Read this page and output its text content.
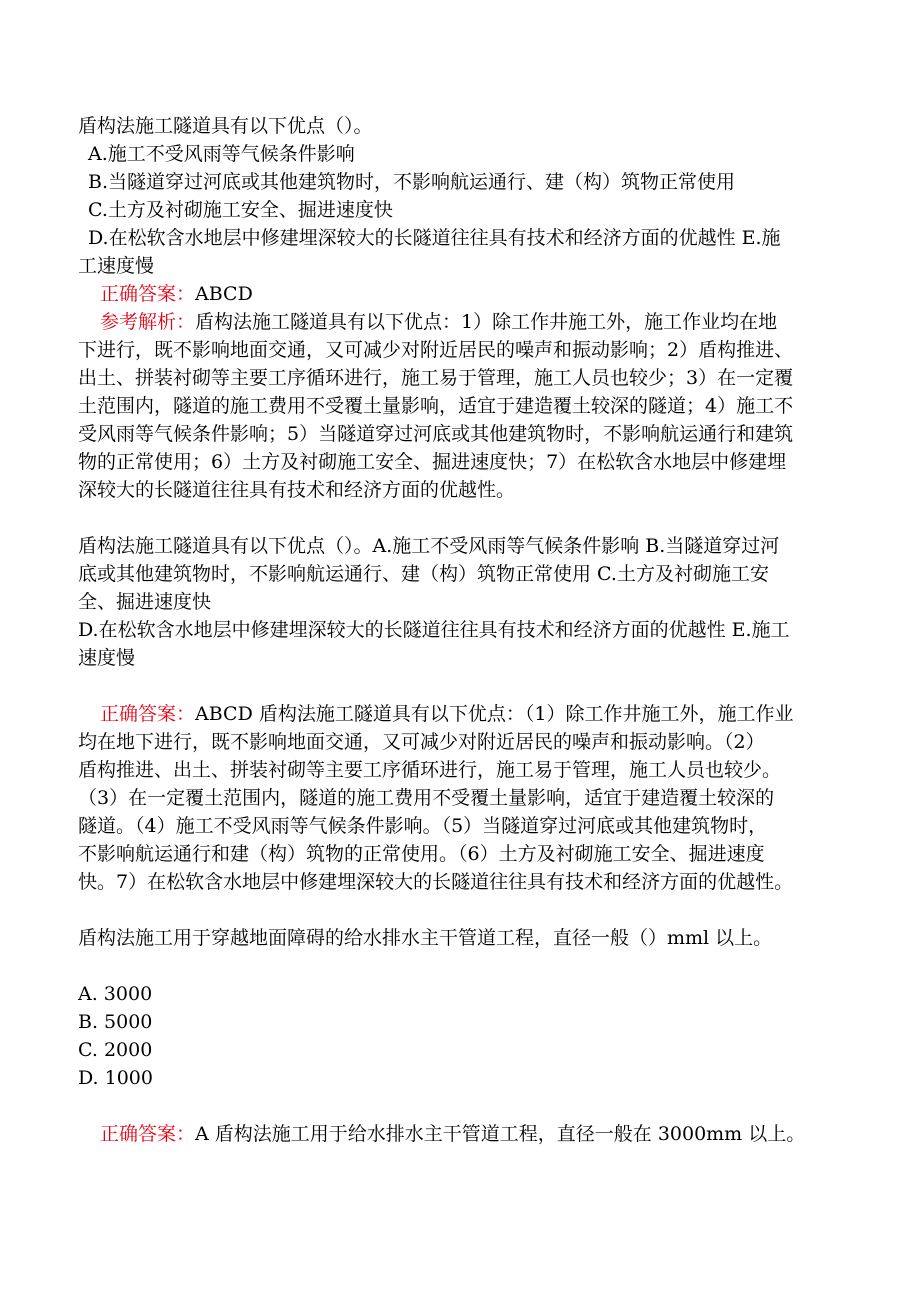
盾构法施工隧道具有以下优点（）。
A.施工不受风雨等气候条件影响
B.当隧道穿过河底或其他建筑物时，不影响航运通行、建（构）筑物正常使用
C.土方及衬砌施工安全、掘进速度快
D.在松软含水地层中修建埋深较大的长隧道往往具有技术和经济方面的优越性 E.施
工速度慢
正确答案：ABCD
参考解析：盾构法施工隧道具有以下优点：1）除工作井施工外，施工作业均在地
下进行，既不影响地面交通，又可减少对附近居民的噪声和振动影响；2）盾构推进、
出土、拼装衬砌等主要工序循环进行，施工易于管理，施工人员也较少；3）在一定覆
土范围内，隧道的施工费用不受覆土量影响，适宜于建造覆土较深的隧道；4）施工不
受风雨等气候条件影响；5）当隧道穿过河底或其他建筑物时，不影响航运通行和建筑
物的正常使用；6）土方及衬砌施工安全、掘进速度快；7）在松软含水地层中修建埋
深较大的长隧道往往具有技术和经济方面的优越性。
盾构法施工隧道具有以下优点（）。A.施工不受风雨等气候条件影响 B.当隧道穿过河
底或其他建筑物时，不影响航运通行、建（构）筑物正常使用 C.土方及衬砌施工安
全、掘进速度快
D.在松软含水地层中修建埋深较大的长隧道往往具有技术和经济方面的优越性 E.施工
速度慢
正确答案：ABCD 盾构法施工隧道具有以下优点：（1）除工作井施工外，施工作业
均在地下进行，既不影响地面交通，又可减少对附近居民的噪声和振动影响。（2）
盾构推进、出土、拼装衬砌等主要工序循环进行，施工易于管理，施工人员也较少。
（3）在一定覆土范围内，隧道的施工费用不受覆土量影响，适宜于建造覆土较深的
隧道。（4）施工不受风雨等气候条件影响。（5）当隧道穿过河底或其他建筑物时，
不影响航运通行和建（构）筑物的正常使用。（6）土方及衬砌施工安全、掘进速度
快。7）在松软含水地层中修建埋深较大的长隧道往往具有技术和经济方面的优越性。
盾构法施工用于穿越地面障碍的给水排水主干管道工程，直径一般（）mml 以上。
A. 3000
B. 5000
C. 2000
D. 1000
正确答案：A 盾构法施工用于给水排水主干管道工程，直径一般在 3000mm 以上。
